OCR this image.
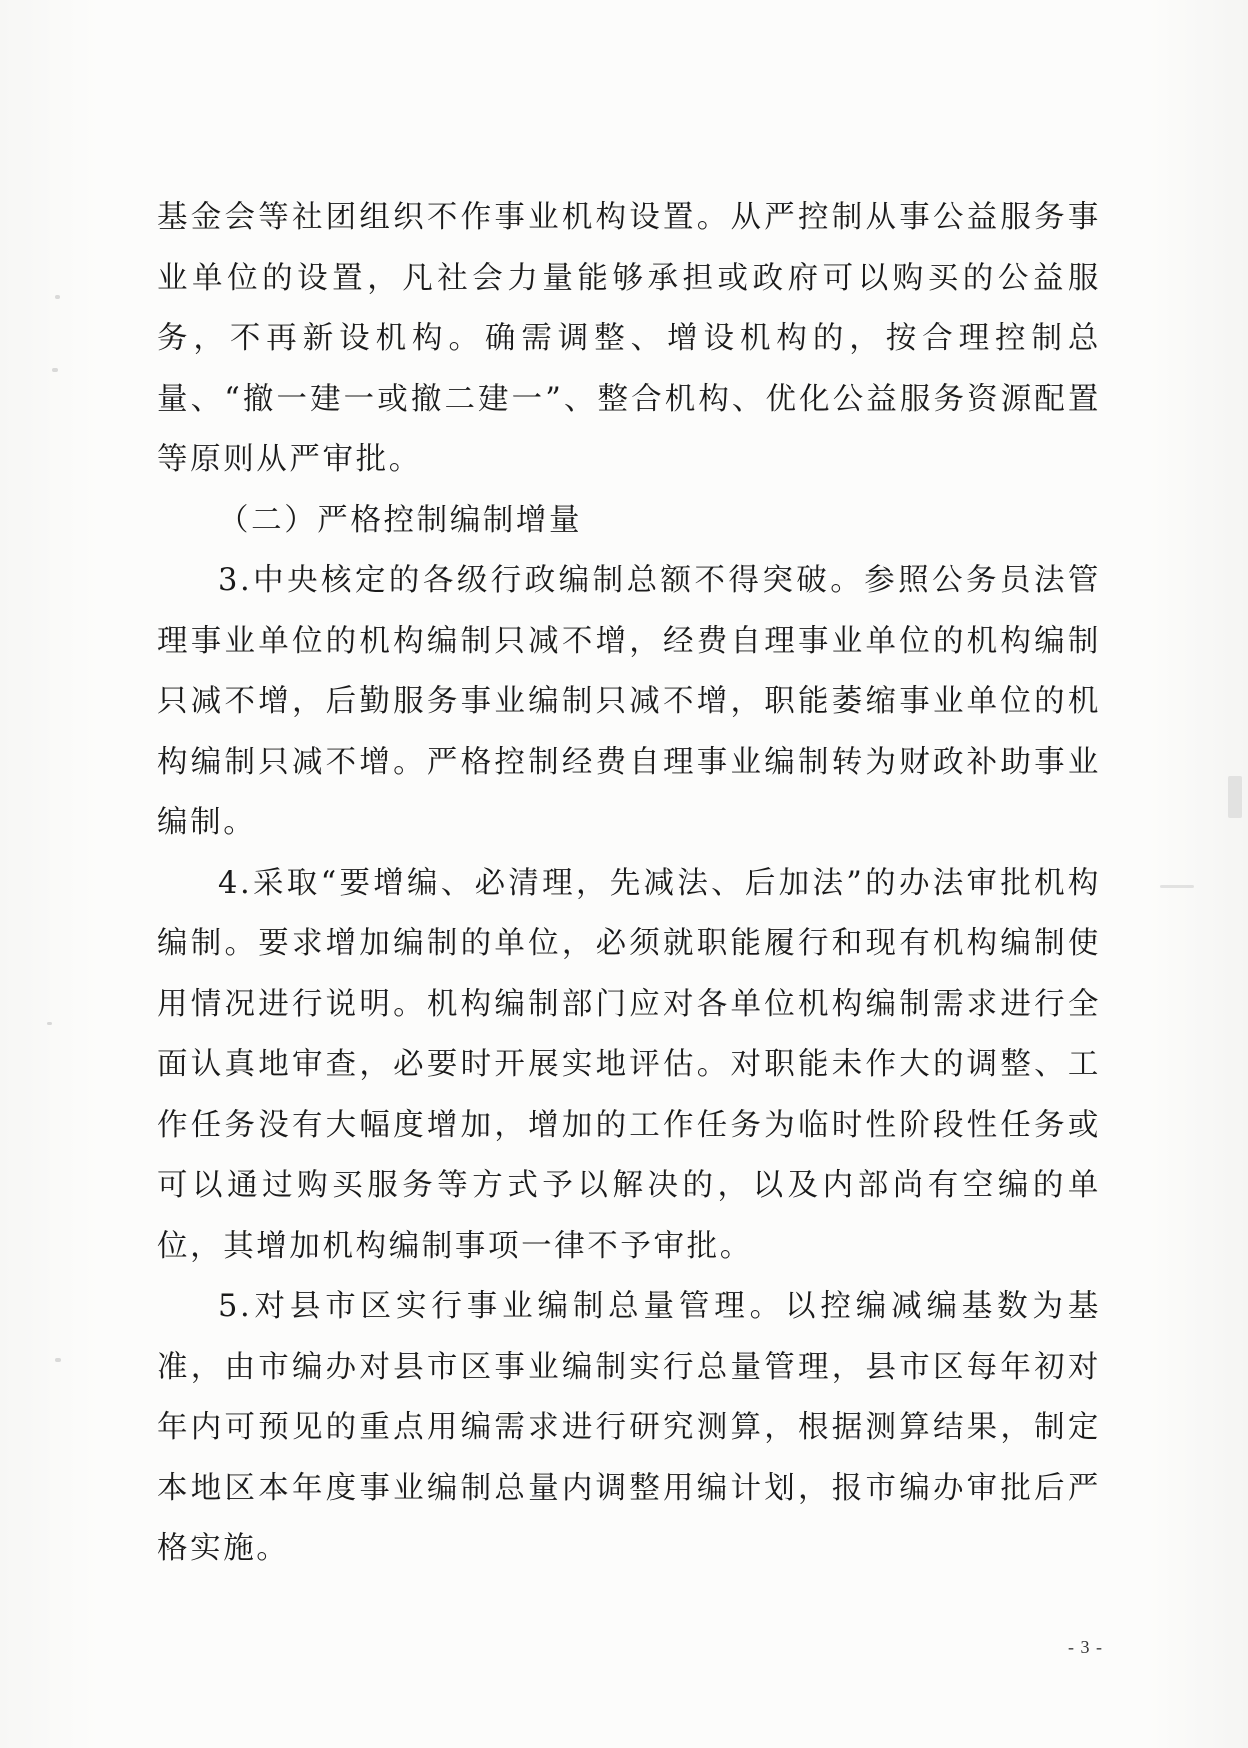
基金会等社团组织不作事业机构设置。从严控制从事公益服务事业单位的设置，凡社会力量能够承担或政府可以购买的公益服务，不再新设机构。确需调整、增设机构的，按合理控制总量、“撤一建一或撤二建一”、整合机构、优化公益服务资源配置等原则从严审批。

（二）严格控制编制增量

3.中央核定的各级行政编制总额不得突破。参照公务员法管理事业单位的机构编制只减不增，经费自理事业单位的机构编制只减不增，后勤服务事业编制只减不增，职能萎缩事业单位的机构编制只减不增。严格控制经费自理事业编制转为财政补助事业编制。

4.采取“要增编、必清理，先减法、后加法”的办法审批机构编制。要求增加编制的单位，必须就职能履行和现有机构编制使用情况进行说明。机构编制部门应对各单位机构编制需求进行全面认真地审查，必要时开展实地评估。对职能未作大的调整、工作任务没有大幅度增加，增加的工作任务为临时性阶段性任务或可以通过购买服务等方式予以解决的，以及内部尚有空编的单位，其增加机构编制事项一律不予审批。

5.对县市区实行事业编制总量管理。以控编减编基数为基准，由市编办对县市区事业编制实行总量管理，县市区每年初对年内可预见的重点用编需求进行研究测算，根据测算结果，制定本地区本年度事业编制总量内调整用编计划，报市编办审批后严格实施。

- 3 -
